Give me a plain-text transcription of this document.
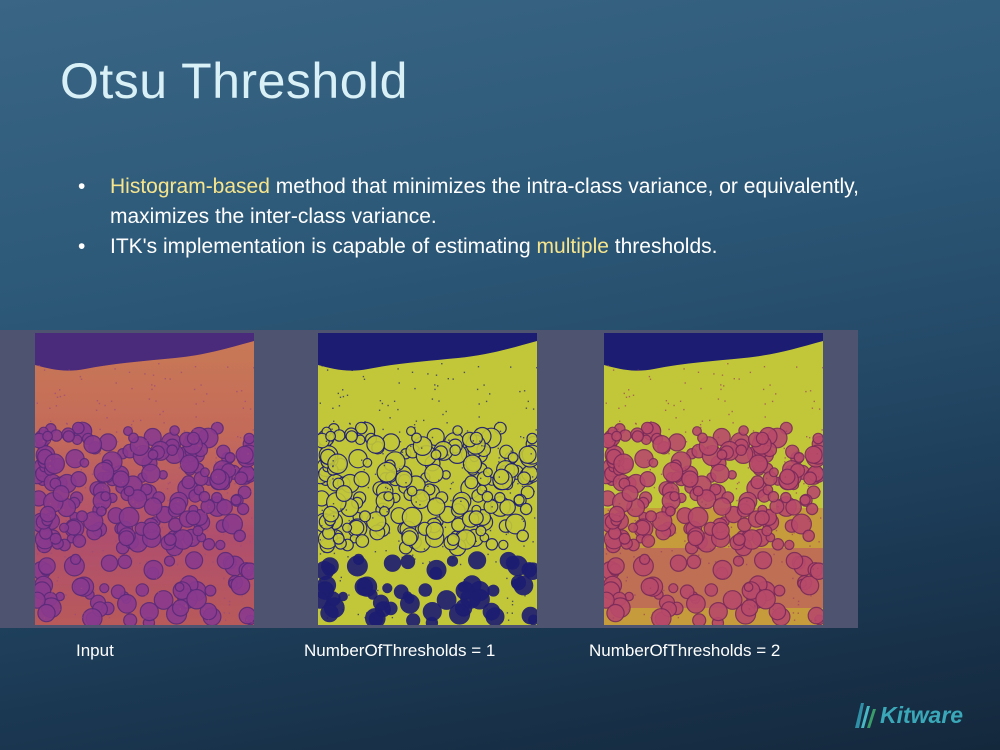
Otsu Threshold
• Histogram-based method that minimizes the intra-class variance, or equivalently, maximizes the inter-class variance.
• ITK's implementation is capable of estimating multiple thresholds.
Input	NumberOfThresholds = 1	NumberOfThresholds = 2
Kitware
